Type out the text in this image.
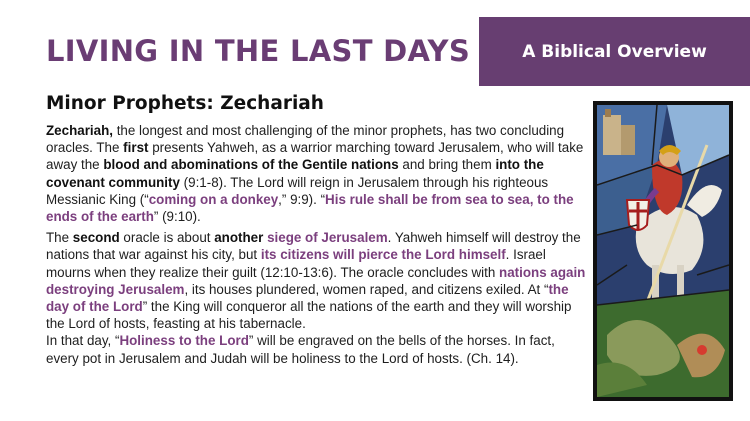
LIVING IN THE LAST DAYS	A Biblical Overview
Minor Prophets: Zechariah

Zechariah, the longest and most challenging of the minor prophets, has two concluding oracles. The first presents Yahweh, as a warrior marching toward Jerusalem, who will take away the blood and abominations of the Gentile nations and bring them into the covenant community (9:1-8). The Lord will reign in Jerusalem through his righteous Messianic King (“coming on a donkey,” 9:9). “His rule shall be from sea to sea, to the ends of the earth” (9:10).

The second oracle is about another siege of Jerusalem. Yahweh himself will destroy the nations that war against his city, but its citizens will pierce the Lord himself. Israel mourns when they realize their guilt (12:10-13:6). The oracle concludes with nations again destroying Jerusalem, its houses plundered, women raped, and citizens exiled. At “the day of the Lord” the King will conqueror all the nations of the earth and they will worship the Lord of hosts, feasting at his tabernacle.

In that day, “Holiness to the Lord” will be engraved on the bells of the horses. In fact, every pot in Jerusalem and Judah will be holiness to the Lord of hosts. (Ch. 14).
